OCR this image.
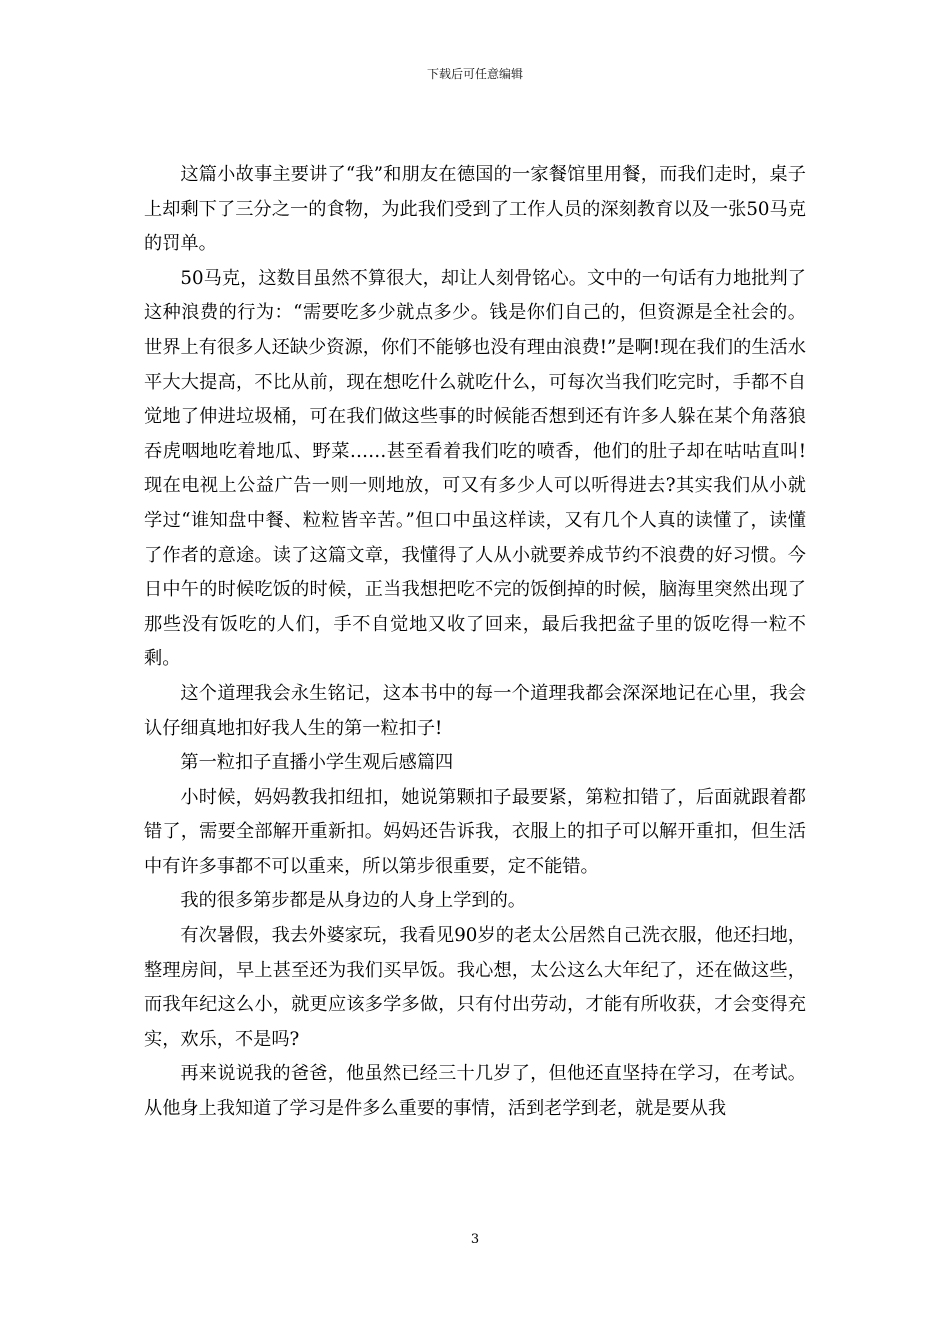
下载后可任意编辑

这篇小故事主要讲了“我”和朋友在德国的一家餐馆里用餐，而我们走时，桌子上却剩下了三分之一的食物，为此我们受到了工作人员的深刻教育以及一张50马克的罚单。

50马克，这数目虽然不算很大，却让人刻骨铭心。文中的一句话有力地批判了这种浪费的行为：“需要吃多少就点多少。钱是你们自己的，但资源是全社会的。世界上有很多人还缺少资源，你们不能够也没有理由浪费!”是啊!现在我们的生活水平大大提高，不比从前，现在想吃什么就吃什么，可每次当我们吃完时，手都不自觉地了伸进垃圾桶，可在我们做这些事的时候能否想到还有许多人躲在某个角落狼吞虎咽地吃着地瓜、野菜……甚至看着我们吃的喷香，他们的肚子却在咕咕直叫!现在电视上公益广告一则一则地放，可又有多少人可以听得进去?其实我们从小就学过“谁知盘中餐、粒粒皆辛苦。”但口中虽这样读，又有几个人真的读懂了，读懂了作者的意途。读了这篇文章，我懂得了人从小就要养成节约不浪费的好习惯。今日中午的时候吃饭的时候，正当我想把吃不完的饭倒掉的时候，脑海里突然出现了那些没有饭吃的人们，手不自觉地又收了回来，最后我把盆子里的饭吃得一粒不剩。

这个道理我会永生铭记，这本书中的每一个道理我都会深深地记在心里，我会认仔细真地扣好我人生的第一粒扣子!

第一粒扣子直播小学生观后感篇四

小时候，妈妈教我扣纽扣，她说第颗扣子最要紧，第粒扣错了，后面就跟着都错了，需要全部解开重新扣。妈妈还告诉我，衣服上的扣子可以解开重扣，但生活中有许多事都不可以重来，所以第步很重要，定不能错。

我的很多第步都是从身边的人身上学到的。

有次暑假，我去外婆家玩，我看见90岁的老太公居然自己洗衣服，他还扫地，整理房间，早上甚至还为我们买早饭。我心想，太公这么大年纪了，还在做这些，而我年纪这么小，就更应该多学多做，只有付出劳动，才能有所收获，才会变得充实，欢乐，不是吗?

再来说说我的爸爸，他虽然已经三十几岁了，但他还直坚持在学习，在考试。从他身上我知道了学习是件多么重要的事情，活到老学到老，就是要从我

3
